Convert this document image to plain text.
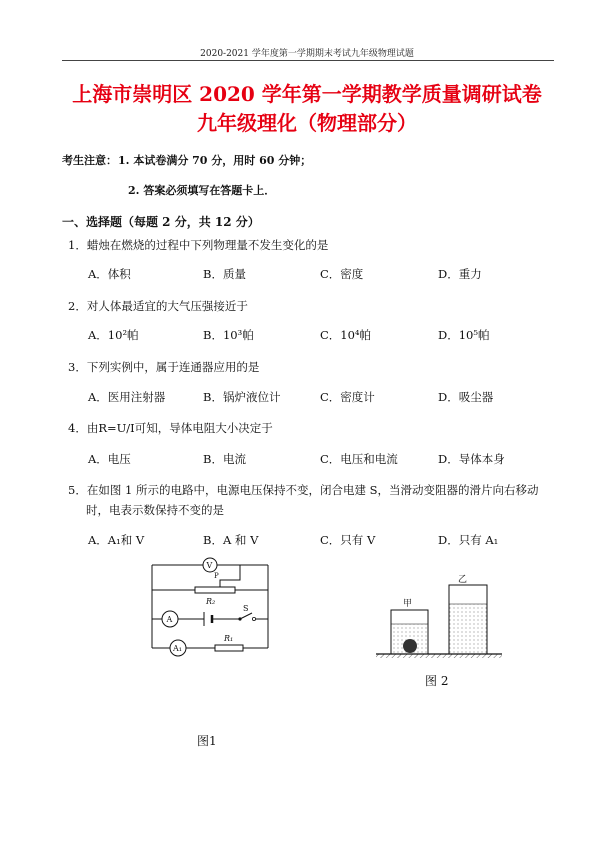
2020-2021 学年度第一学期期末考试九年级物理试题
上海市崇明区 2020 学年第一学期教学质量调研试卷
九年级理化（物理部分）
考生注意： 1. 本试卷满分 70 分，用时 60 分钟；
2. 答案必须填写在答题卡上．
一、选择题（每题 2 分，共 12 分）
1．蜡烛在燃烧的过程中下列物理量不发生变化的是
A．体积	B．质量	C．密度	D．重力
2．对人体最适宜的大气压强接近于
A．10²帕	B．10³帕	C．10⁴帕	D．10⁵帕
3．下列实例中，属于连通器应用的是
A．医用注射器	B．锅炉液位计	C．密度计	D．吸尘器
4．由R=U/I可知，导体电阻大小决定于
A．电压	B．电流	C．电压和电流	D．导体本身
5．在如图 1 所示的电路中，电源电压保持不变，闭合电建 S，当滑动变阻器的滑片向右移动
时，电表示数保持不变的是
A．A₁和 V	B．A 和 V	C．只有 V	D．只有 A₁
V
A
A₁
P
R₂
S
R₁
图1
甲
乙
图 2
